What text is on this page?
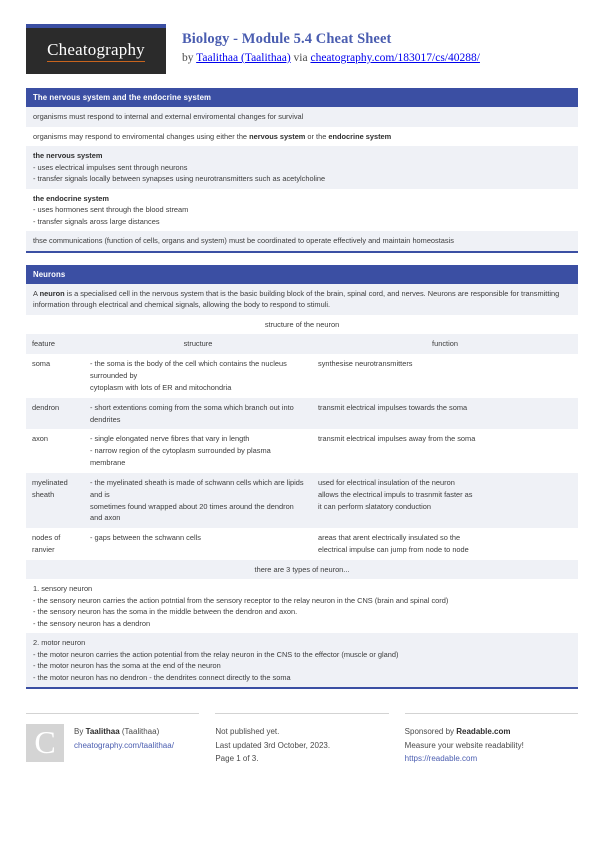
Cheatography
Biology - Module 5.4 Cheat Sheet
by Taalithaa (Taalithaa) via cheatography.com/183017/cs/40288/
The nervous system and the endocrine system
organisms must respond to internal and external enviromental changes for survival
organisms may respond to enviromental changes using either the nervous system or the endocrine system
the nervous system
- uses electrical impulses sent through neurons
- transfer signals locally between synapses using neurotransmitters such as acetylcholine
the endocrine system
- uses hormones sent through the blood stream
- transfer signals aross large distances
thse communications (function of cells, organs and system) must be coordinated to operate effectively and maintain homeostasis
Neurons
A neuron is a specialised cell in the nervous system that is the basic building block of the brain, spinal cord, and nerves. Neurons are responsible for transmitting information through electrical and chemical signals, allowing the body to respond to stimuli.
structure of the neuron
feature	structure	function
soma	- the soma is the body of the cell which contains the nucleus surrounded by
cytoplasm with lots of ER and mitochondria	synthesise neurotransmitters

dendron	- short extentions coming from the soma which branch out into dendrites	transmit electrical impulses towards the soma

axon	- single elongated nerve fibres that vary in length
- narrow region of the cytoplasm surrounded by plasma membrane	transmit electrical impulses away from the soma

myelinated sheath	- the myelinated sheath is made of schwann cells which are lipids and is
sometimes found wrapped about 20 times around the dendron and axon	used for electrical insulation of the neuron
allows the electrical impuls to trasnmit faster as
it can perform slatatory conduction

nodes of ranvier	- gaps between the schwann cells	areas that arent electrically insulated so the
electrical impulse can jump from node to node
there are 3 types of neuron...
1. sensory neuron
- the sensory neuron carries the action potntial from the sensory receptor to the relay neuron in the CNS (brain and spinal cord)
- the sensory neuron has the soma in the middle between the dendron and axon.
- the sensory neuron has a dendron
2. motor neuron
- the motor neuron carries the action potential from the relay neuron in the CNS to the effector (muscle or gland)
- the motor neuron has the soma at the end of the neuron
- the motor neuron has no dendron - the dendrites connect directly to the soma
C	By Taalithaa (Taalithaa)
cheatography.com/taalithaa/
Not published yet.
Last updated 3rd October, 2023.
Page 1 of 3.
Sponsored by Readable.com
Measure your website readability!
https://readable.com
